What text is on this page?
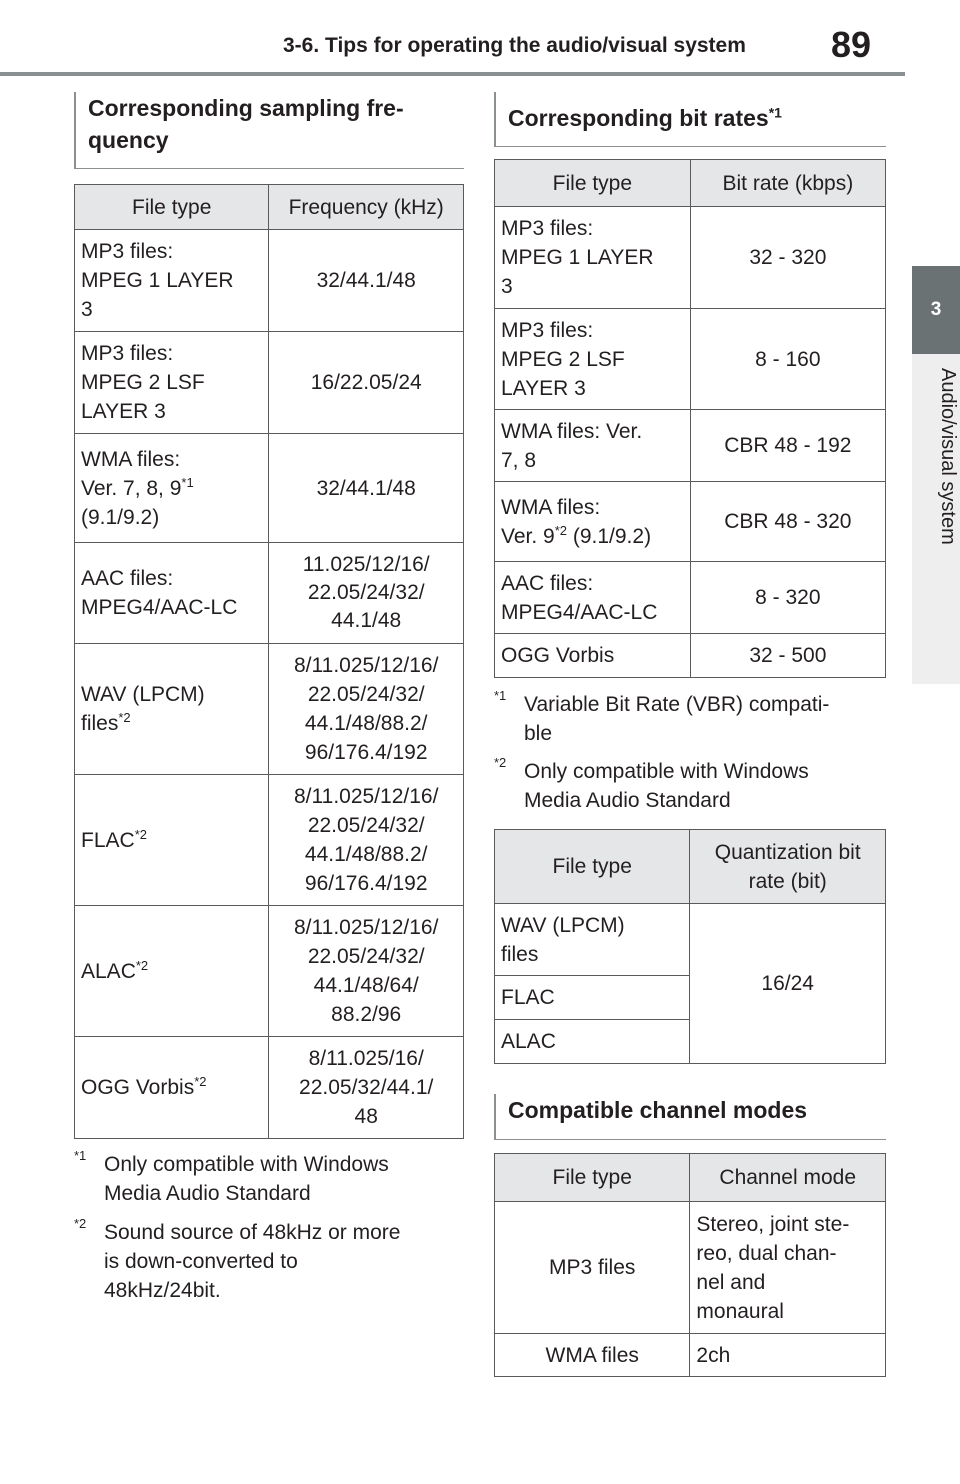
3-6. Tips for operating the audio/visual system 89
3
Audio/visual system
Corresponding sampling fre-
quency
File type	Frequency (kHz)
MP3 files:
MPEG 1 LAYER
3	32/44.1/48
MP3 files:
MPEG 2 LSF
LAYER 3	16/22.05/24
WMA files:
Ver. 7, 8, 9$^{*1}$
(9.1/9.2)	32/44.1/48
AAC files:
MPEG4/AAC-LC	11.025/12/16/
22.05/24/32/
44.1/48
WAV (LPCM)
files$^{*2}$	8/11.025/12/16/
22.05/24/32/
44.1/48/88.2/
96/176.4/192
FLAC$^{*2}$	8/11.025/12/16/
22.05/24/32/
44.1/48/88.2/
96/176.4/192
ALAC$^{*2}$	8/11.025/12/16/
22.05/24/32/
44.1/48/64/
88.2/96
OGG Vorbis$^{*2}$	8/11.025/16/
22.05/32/44.1/
48
*1 Only compatible with Windows
Media Audio Standard
*2 Sound source of 48kHz or more
is down-converted to
48kHz/24bit.
Corresponding bit rates$^{*1}$
File type	Bit rate (kbps)
MP3 files:
MPEG 1 LAYER
3	32 - 320
MP3 files:
MPEG 2 LSF
LAYER 3	8 - 160
WMA files: Ver.
7, 8	CBR 48 - 192
WMA files:
Ver. 9$^{*2}$ (9.1/9.2)	CBR 48 - 320
AAC files:
MPEG4/AAC-LC	8 - 320
OGG Vorbis	32 - 500
*1 Variable Bit Rate (VBR) compati-
ble
*2 Only compatible with Windows
Media Audio Standard
File type	Quantization bit
rate (bit)
WAV (LPCM)
files	16/24
FLAC	
ALAC	
Compatible channel modes
File type	Channel mode
MP3 files	Stereo, joint ste-
reo, dual chan-
nel and
monaural
WMA files	2ch
